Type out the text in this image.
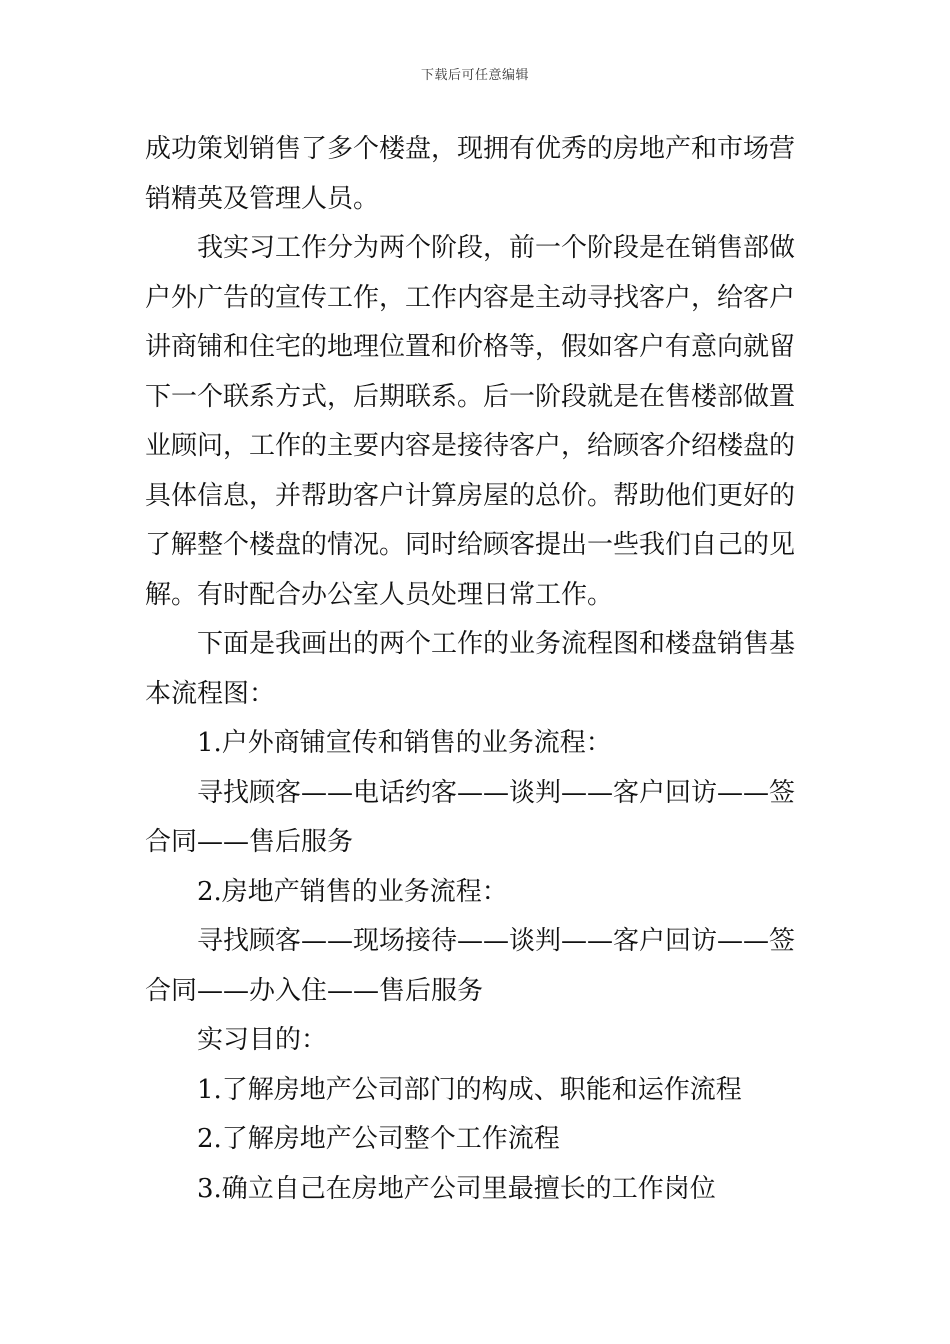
下载后可任意编辑

成功策划销售了多个楼盘，现拥有优秀的房地产和市场营

销精英及管理人员。

我实习工作分为两个阶段，前一个阶段是在销售部做

户外广告的宣传工作，工作内容是主动寻找客户，给客户

讲商铺和住宅的地理位置和价格等，假如客户有意向就留

下一个联系方式，后期联系。后一阶段就是在售楼部做置

业顾问，工作的主要内容是接待客户，给顾客介绍楼盘的

具体信息，并帮助客户计算房屋的总价。帮助他们更好的

了解整个楼盘的情况。同时给顾客提出一些我们自己的见

解。有时配合办公室人员处理日常工作。

下面是我画出的两个工作的业务流程图和楼盘销售基

本流程图：

1.户外商铺宣传和销售的业务流程：

寻找顾客——电话约客——谈判——客户回访——签

合同——售后服务

2.房地产销售的业务流程：

寻找顾客——现场接待——谈判——客户回访——签

合同——办入住——售后服务

实习目的：

1.了解房地产公司部门的构成、职能和运作流程

2.了解房地产公司整个工作流程

3.确立自己在房地产公司里最擅长的工作岗位
